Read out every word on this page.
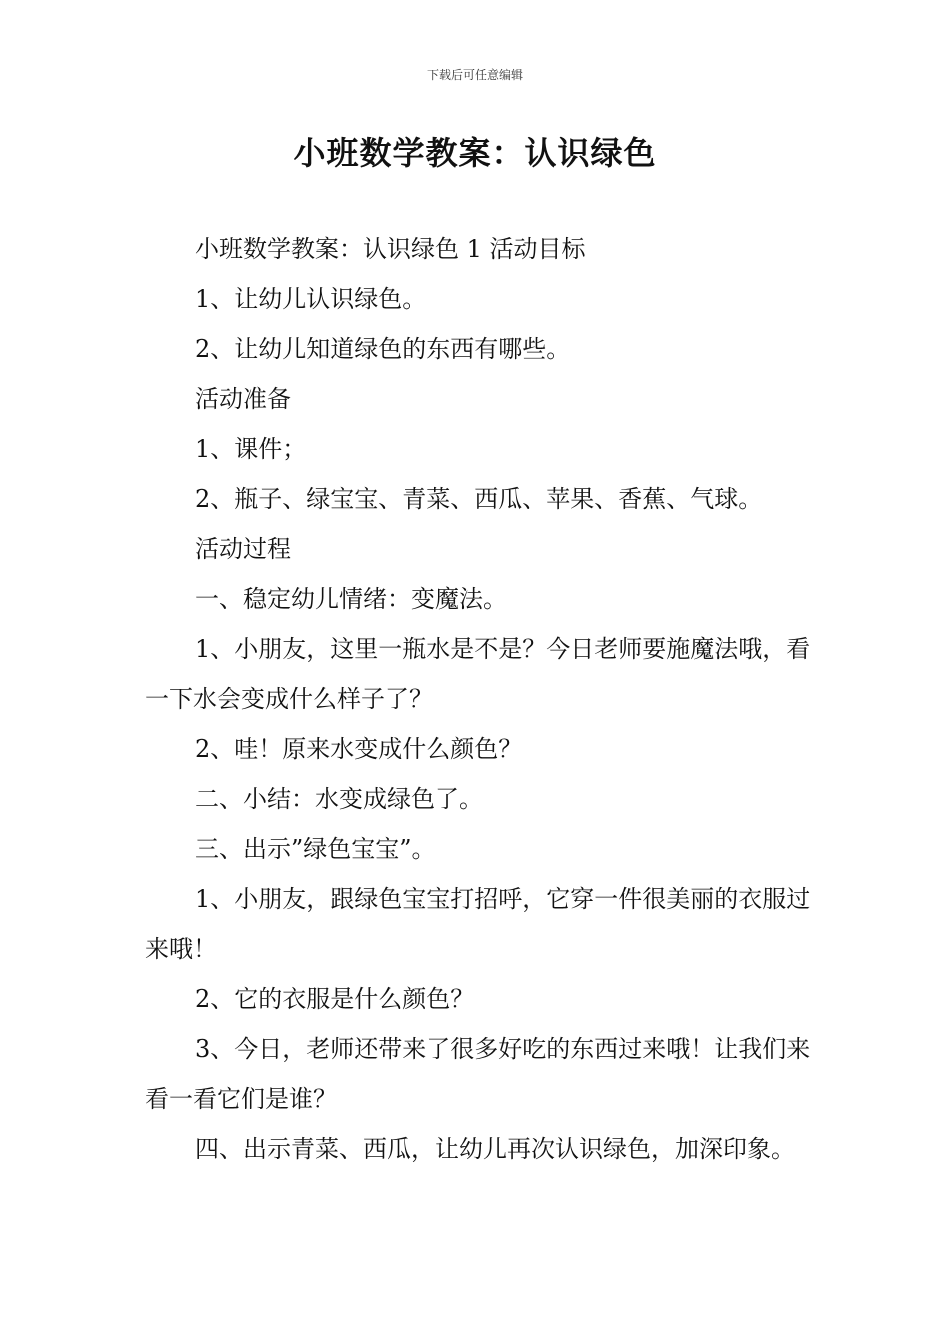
下载后可任意编辑
小班数学教案：认识绿色

小班数学教案：认识绿色 1 活动目标

1、让幼儿认识绿色。

2、让幼儿知道绿色的东西有哪些。

活动准备

1、课件；

2、瓶子、绿宝宝、青菜、西瓜、苹果、香蕉、气球。

活动过程

一、稳定幼儿情绪：变魔法。

1、小朋友，这里一瓶水是不是？今日老师要施魔法哦，看一下水会变成什么样子了？

2、哇！原来水变成什么颜色？

二、小结：水变成绿色了。

三、出示”绿色宝宝”。

1、小朋友，跟绿色宝宝打招呼，它穿一件很美丽的衣服过来哦！

2、它的衣服是什么颜色？

3、今日，老师还带来了很多好吃的东西过来哦！让我们来看一看它们是谁？

四、出示青菜、西瓜，让幼儿再次认识绿色，加深印象。
